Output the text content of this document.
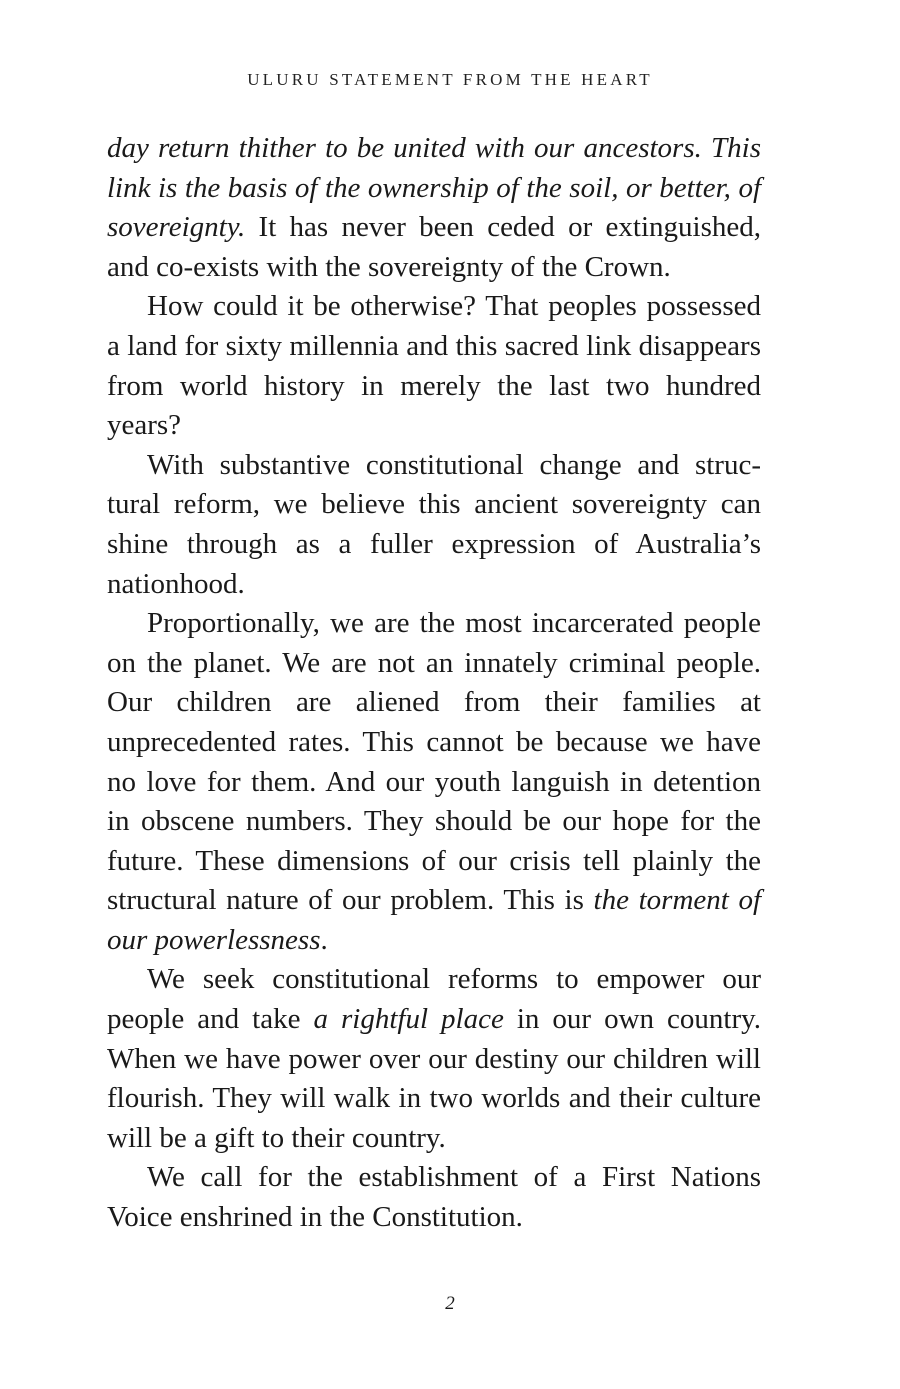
ULURU STATEMENT FROM THE HEART

day return thither to be united with our ancestors. This link is the basis of the ownership of the soil, or better, of sovereignty. It has never been ceded or extinguished, and co-exists with the sovereignty of the Crown.

How could it be otherwise? That peoples possessed a land for sixty millennia and this sacred link disappears from world history in merely the last two hundred years?

With substantive constitutional change and structural reform, we believe this ancient sovereignty can shine through as a fuller expression of Australia’s nationhood.

Proportionally, we are the most incarcerated people on the planet. We are not an innately criminal people. Our children are aliened from their families at unprecedented rates. This cannot be because we have no love for them. And our youth languish in detention in obscene numbers. They should be our hope for the future. These dimensions of our crisis tell plainly the structural nature of our problem. This is the torment of our powerlessness.

We seek constitutional reforms to empower our people and take a rightful place in our own country. When we have power over our destiny our children will flourish. They will walk in two worlds and their culture will be a gift to their country.

We call for the establishment of a First Nations Voice enshrined in the Constitution.

2
